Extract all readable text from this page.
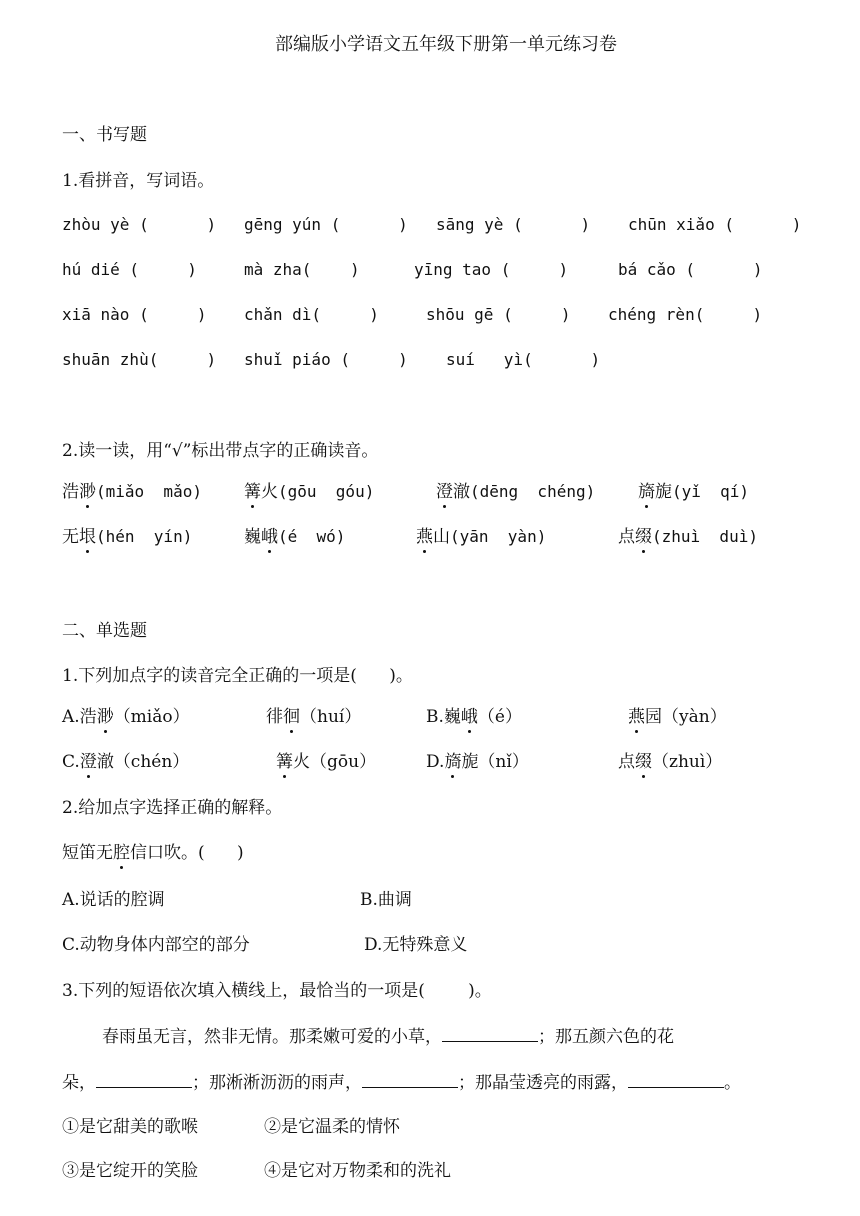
部编版小学语文五年级下册第一单元练习卷
一、书写题
1.看拼音，写词语。
zhòu yè (      ) gēng yún (      ) sāng yè (      ) chūn xiǎo (      )
hú dié (     )	mà zha(    )	yīng tao (     )	bá cǎo (      )
xiā nào (     ) chǎn dì(     )	shōu gē (     ) chéng rèn(     )
shuān zhù(     ) shuǐ piáo (     ) suí   yì(      )
2.读一读，用“√”标出带点字的正确读音。
浩渺(miǎo  mǎo) 篝火(gōu  góu)	澄澈(dēng  chéng)	旖旎(yǐ  qí)
无垠(hén  yín)	巍峨(é  wó)	燕山(yān  yàn)	点缀(zhuì  duì)
二、单选题
1.下列加点字的读音完全正确的一项是(      )。
A.浩渺（miǎo）	徘徊（huí）	B.巍峨（é）	燕园（yàn）
C.澄澈（chén）	篝火（gōu）	D.旖旎（nǐ）	点缀（zhuì）
2.给加点字选择正确的解释。
短笛无腔信口吹。(      )
A.说话的腔调	B.曲调
C.动物身体内部空的部分	D.无特殊意义
3.下列的短语依次填入横线上，最恰当的一项是(        )。
春雨虽无言，然非无情。那柔嫩可爱的小草，	；那五颜六色的花
朵，	；那淅淅沥沥的雨声，	；那晶莹透亮的雨露，	。
①是它甜美的歌喉	②是它温柔的情怀
③是它绽开的笑脸	④是它对万物柔和的洗礼
